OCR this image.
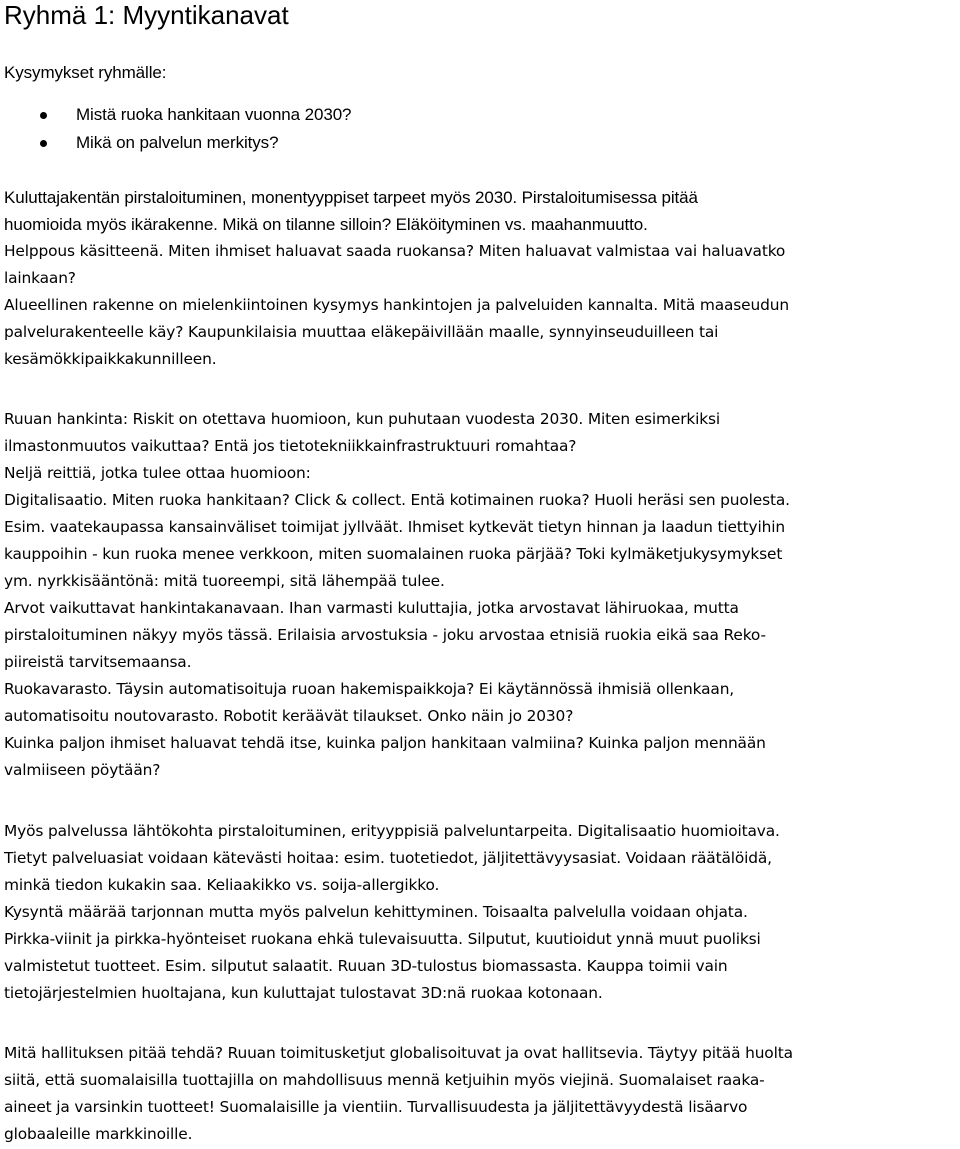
Ryhmä 1: Myyntikanavat

Kysymykset ryhmälle:

Mistä ruoka hankitaan vuonna 2030?
Mikä on palvelun merkitys?
Kuluttajakentän pirstaloituminen, monentyyppiset tarpeet myös 2030. Pirstaloitumisessa pitää
huomioida myös ikärakenne. Mikä on tilanne silloin? Eläköityminen vs. maahanmuutto.
Helppous käsitteenä. Miten ihmiset haluavat saada ruokansa? Miten haluavat valmistaa vai haluavatko
lainkaan?
Alueellinen rakenne on mielenkiintoinen kysymys hankintojen ja palveluiden kannalta. Mitä maaseudun
palvelurakenteelle käy? Kaupunkilaisia muuttaa eläkepäivillään maalle, synnyinseuduilleen tai
kesämökkipaikkakunnilleen.
Ruuan hankinta: Riskit on otettava huomioon, kun puhutaan vuodesta 2030. Miten esimerkiksi
ilmastonmuutos vaikuttaa? Entä jos tietotekniikkainfrastruktuuri romahtaa?
Neljä reittiä, jotka tulee ottaa huomioon:
Digitalisaatio. Miten ruoka hankitaan? Click & collect. Entä kotimainen ruoka? Huoli heräsi sen puolesta.
Esim. vaatekaupassa kansainväliset toimijat jyllväät. Ihmiset kytkevät tietyn hinnan ja laadun tiettyihin
kauppoihin - kun ruoka menee verkkoon, miten suomalainen ruoka pärjää? Toki kylmäketjukysymykset
ym. nyrkkisääntönä: mitä tuoreempi, sitä lähempää tulee.
Arvot vaikuttavat hankintakanavaan. Ihan varmasti kuluttajia, jotka arvostavat lähiruokaa, mutta
pirstaloituminen näkyy myös tässä. Erilaisia arvostuksia - joku arvostaa etnisiä ruokia eikä saa Reko-
piireistä tarvitsemaansa.
Ruokavarasto. Täysin automatisoituja ruoan hakemispaikkoja? Ei käytännössä ihmisiä ollenkaan,
automatisoitu noutovarasto. Robotit keräävät tilaukset. Onko näin jo 2030?
Kuinka paljon ihmiset haluavat tehdä itse, kuinka paljon hankitaan valmiina? Kuinka paljon mennään
valmiiseen pöytään?
Myös palvelussa lähtökohta pirstaloituminen, erityyppisiä palveluntarpeita. Digitalisaatio huomioitava.
Tietyt palveluasiat voidaan kätevästi hoitaa: esim. tuotetiedot, jäljitettävyysasiat. Voidaan räätälöidä,
minkä tiedon kukakin saa. Keliaakikko vs. soija-allergikko.
Kysyntä määrää tarjonnan mutta myös palvelun kehittyminen. Toisaalta palvelulla voidaan ohjata.
Pirkka-viinit ja pirkka-hyönteiset ruokana ehkä tulevaisuutta. Silputut, kuutioidut ynnä muut puoliksi
valmistetut tuotteet. Esim. silputut salaatit. Ruuan 3D-tulostus biomassasta. Kauppa toimii vain
tietojärjestelmien huoltajana, kun kuluttajat tulostavat 3D:nä ruokaa kotonaan.
Mitä hallituksen pitää tehdä? Ruuan toimitusketjut globalisoituvat ja ovat hallitsevia. Täytyy pitää huolta
siitä, että suomalaisilla tuottajilla on mahdollisuus mennä ketjuihin myös viejinä. Suomalaiset raaka-
aineet ja varsinkin tuotteet! Suomalaisille ja vientiin. Turvallisuudesta ja jäljitettävyydestä lisäarvo
globaaleille markkinoille.
